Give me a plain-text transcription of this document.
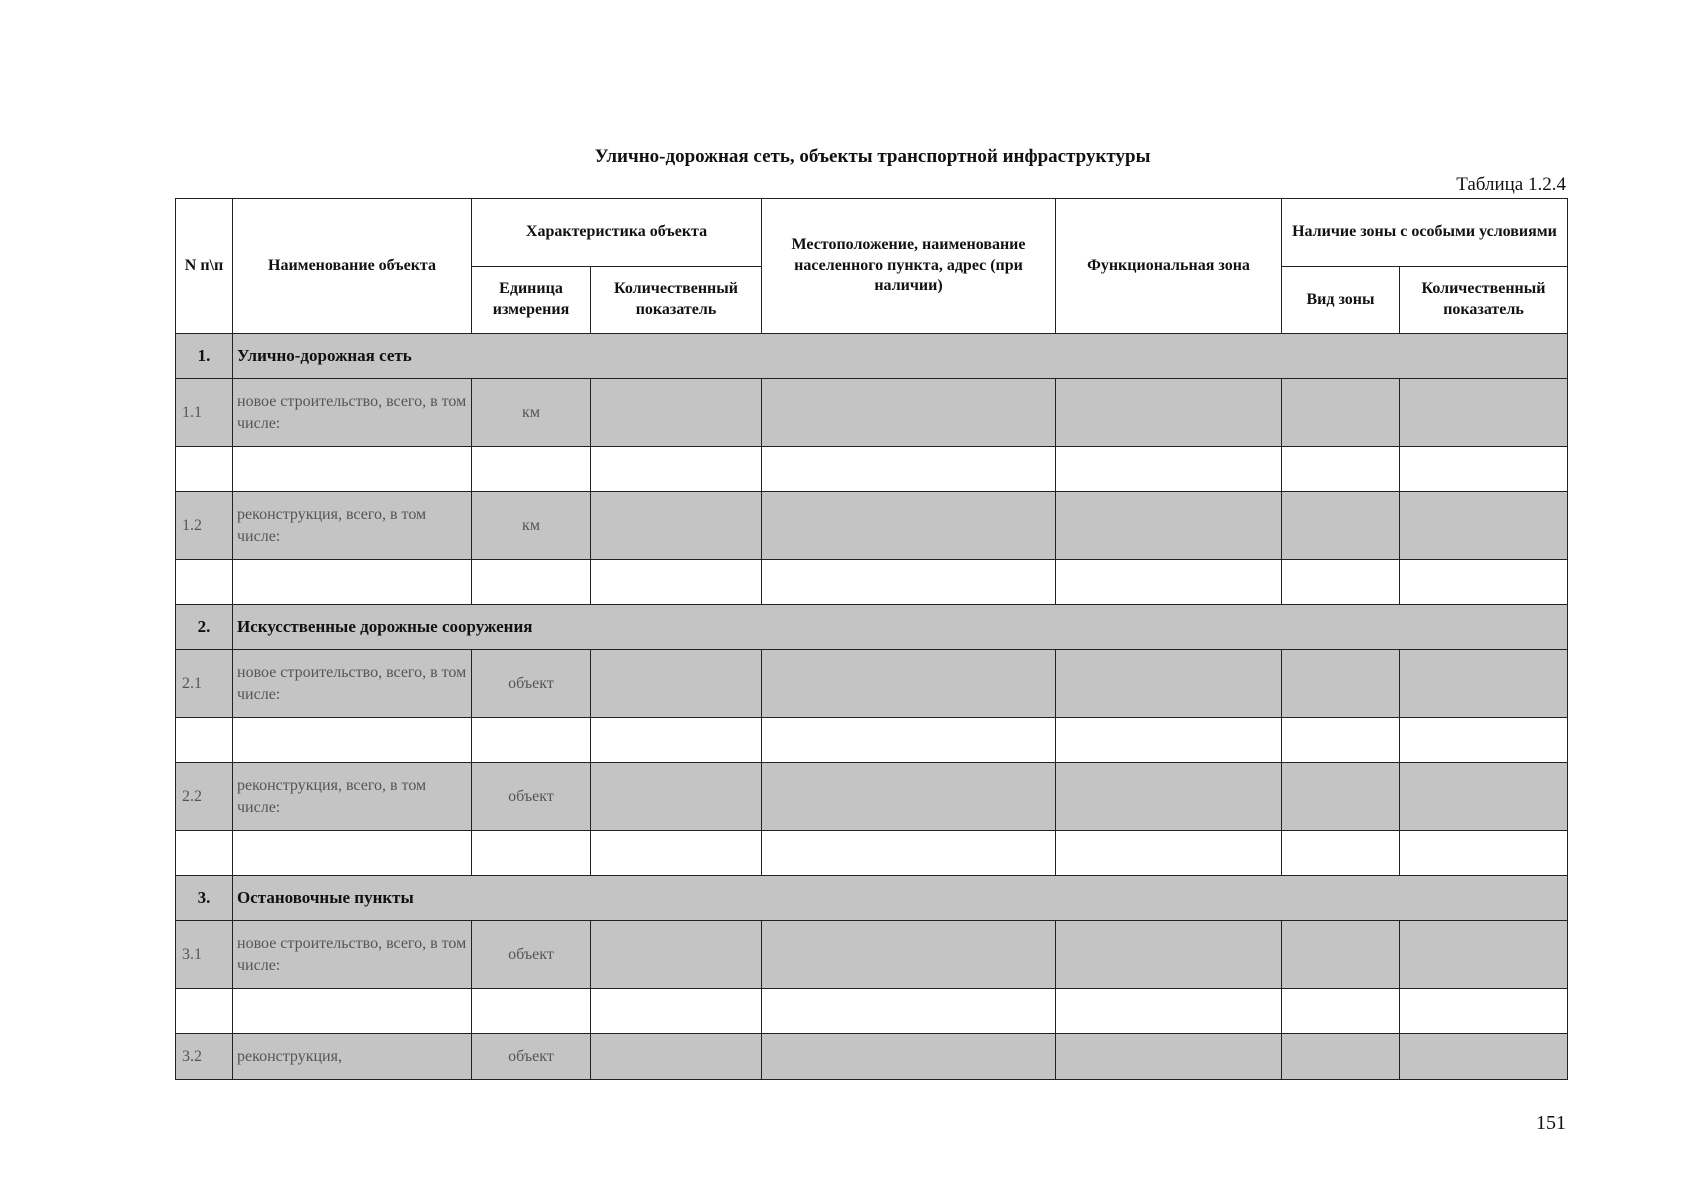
Улично-дорожная сеть, объекты транспортной инфраструктуры
Таблица 1.2.4
N п\п	Наименование объекта	Характеристика объекта		Местоположение, наименование населенного пункта, адрес (при наличии)	Функциональная зона	Наличие зоны с особыми условиями	
		Единица измерения	Количественный показатель			Вид зоны	Количественный показатель
1.	Улично-дорожная сеть						
1.1	новое строительство, всего, в том числе:	км					

1.2	реконструкция, всего, в том числе:	км					

2.	Искусственные дорожные сооружения						
2.1	новое строительство, всего, в том числе:	объект					

2.2	реконструкция, всего, в том числе:	объект					

3.	Остановочные пункты						
3.1	новое строительство, всего, в том числе:	объект					

3.2	реконструкция,	объект					
151
